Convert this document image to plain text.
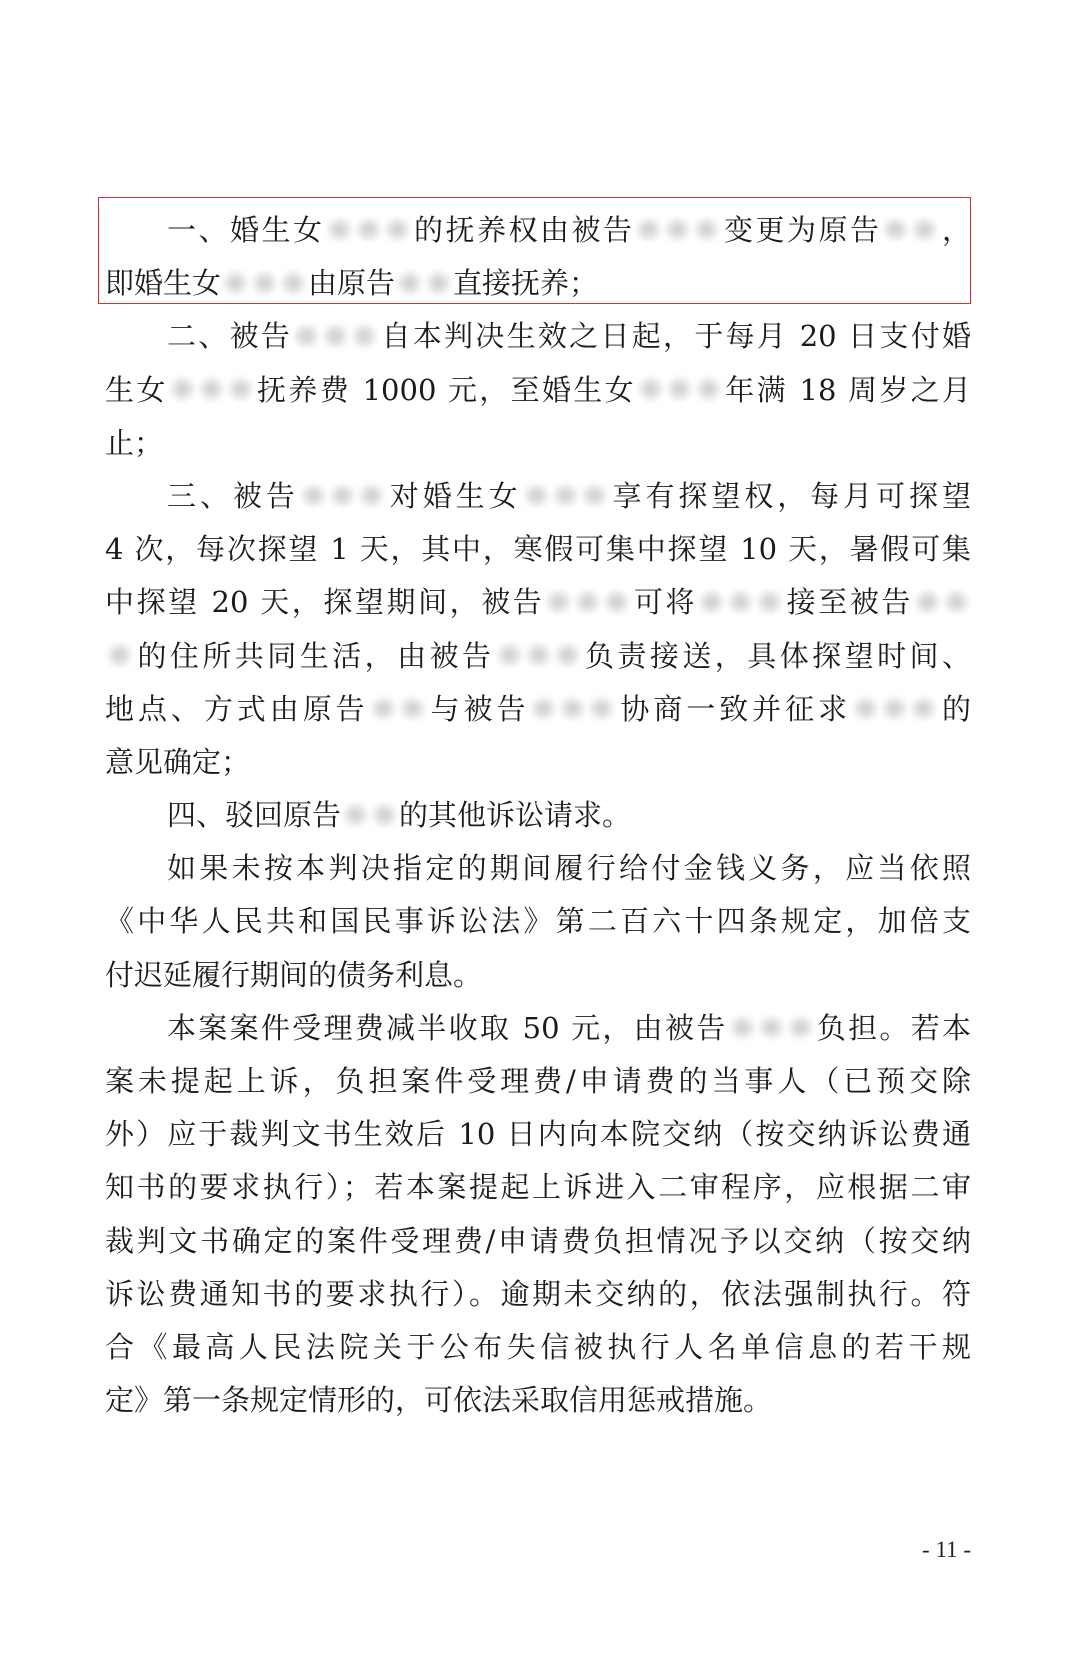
一、婚生女	的抚养权由被告	变更为原告 ，
即婚生女	由原告 直接抚养；
二、被告	自本判决生效之日起，于每月 20 日支付婚
生女	抚养费 1000 元，至婚生女	年满 18 周岁之月
止；
三、被告	对婚生女	享有探望权，每月可探望
4 次，每次探望 1 天，其中，寒假可集中探望 10 天，暑假可集
中探望 20 天，探望期间，被告	可将	接至被告
的住所共同生活，由被告	负责接送，具体探望时间、
地点、方式由原告 与被告	协商一致并征求	的
意见确定；
四、驳回原告 的其他诉讼请求。
如果未按本判决指定的期间履行给付金钱义务，应当依照
《中华人民共和国民事诉讼法》第二百六十四条规定，加倍支
付迟延履行期间的债务利息。
本案案件受理费减半收取 50 元，由被告	负担。若本
案未提起上诉，负担案件受理费/申请费的当事人（已预交除
外）应于裁判文书生效后 10 日内向本院交纳（按交纳诉讼费通
知书的要求执行）；若本案提起上诉进入二审程序，应根据二审
裁判文书确定的案件受理费/申请费负担情况予以交纳（按交纳
诉讼费通知书的要求执行）。逾期未交纳的，依法强制执行。符
合《最高人民法院关于公布失信被执行人名单信息的若干规
定》第一条规定情形的，可依法采取信用惩戒措施。
- 11 -
